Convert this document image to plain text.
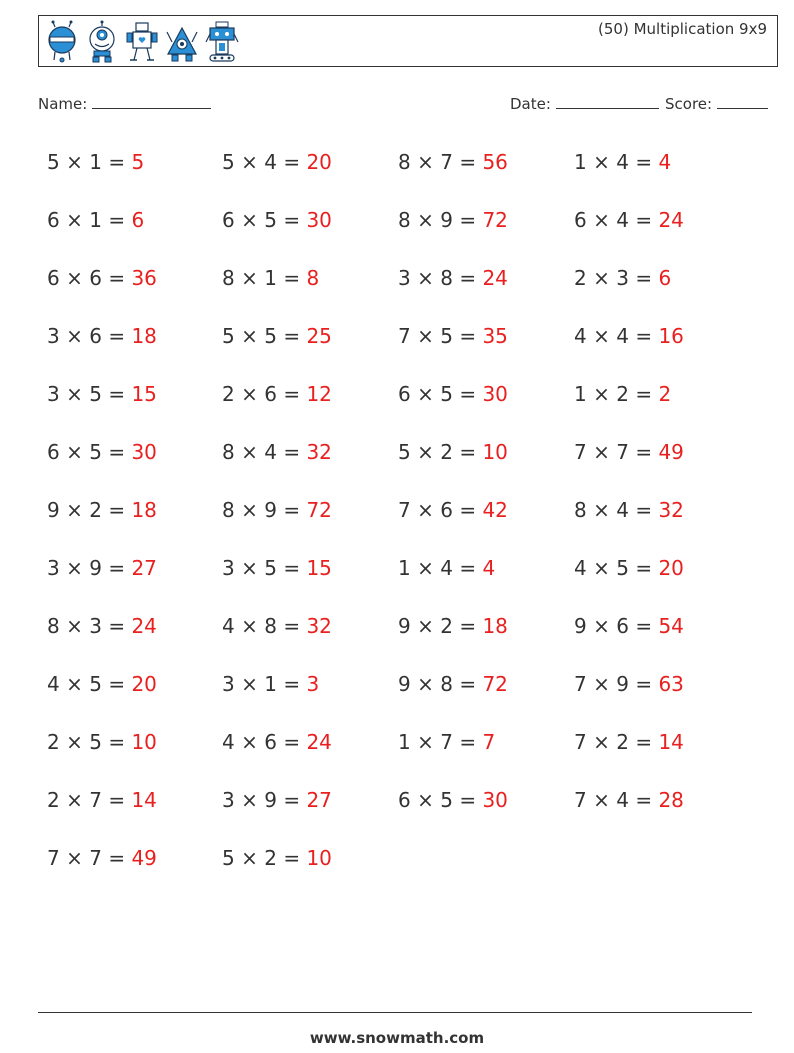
(50) Multiplication 9x9
Name:	Date:	Score:
5 × 1 = 5	5 × 4 = 20	8 × 7 = 56	1 × 4 = 4
6 × 1 = 6	6 × 5 = 30	8 × 9 = 72	6 × 4 = 24
6 × 6 = 36	8 × 1 = 8	3 × 8 = 24	2 × 3 = 6
3 × 6 = 18	5 × 5 = 25	7 × 5 = 35	4 × 4 = 16
3 × 5 = 15	2 × 6 = 12	6 × 5 = 30	1 × 2 = 2
6 × 5 = 30	8 × 4 = 32	5 × 2 = 10	7 × 7 = 49
9 × 2 = 18	8 × 9 = 72	7 × 6 = 42	8 × 4 = 32
3 × 9 = 27	3 × 5 = 15	1 × 4 = 4	4 × 5 = 20
8 × 3 = 24	4 × 8 = 32	9 × 2 = 18	9 × 6 = 54
4 × 5 = 20	3 × 1 = 3	9 × 8 = 72	7 × 9 = 63
2 × 5 = 10	4 × 6 = 24	1 × 7 = 7	7 × 2 = 14
2 × 7 = 14	3 × 9 = 27	6 × 5 = 30	7 × 4 = 28
7 × 7 = 49	5 × 2 = 10
www.snowmath.com
